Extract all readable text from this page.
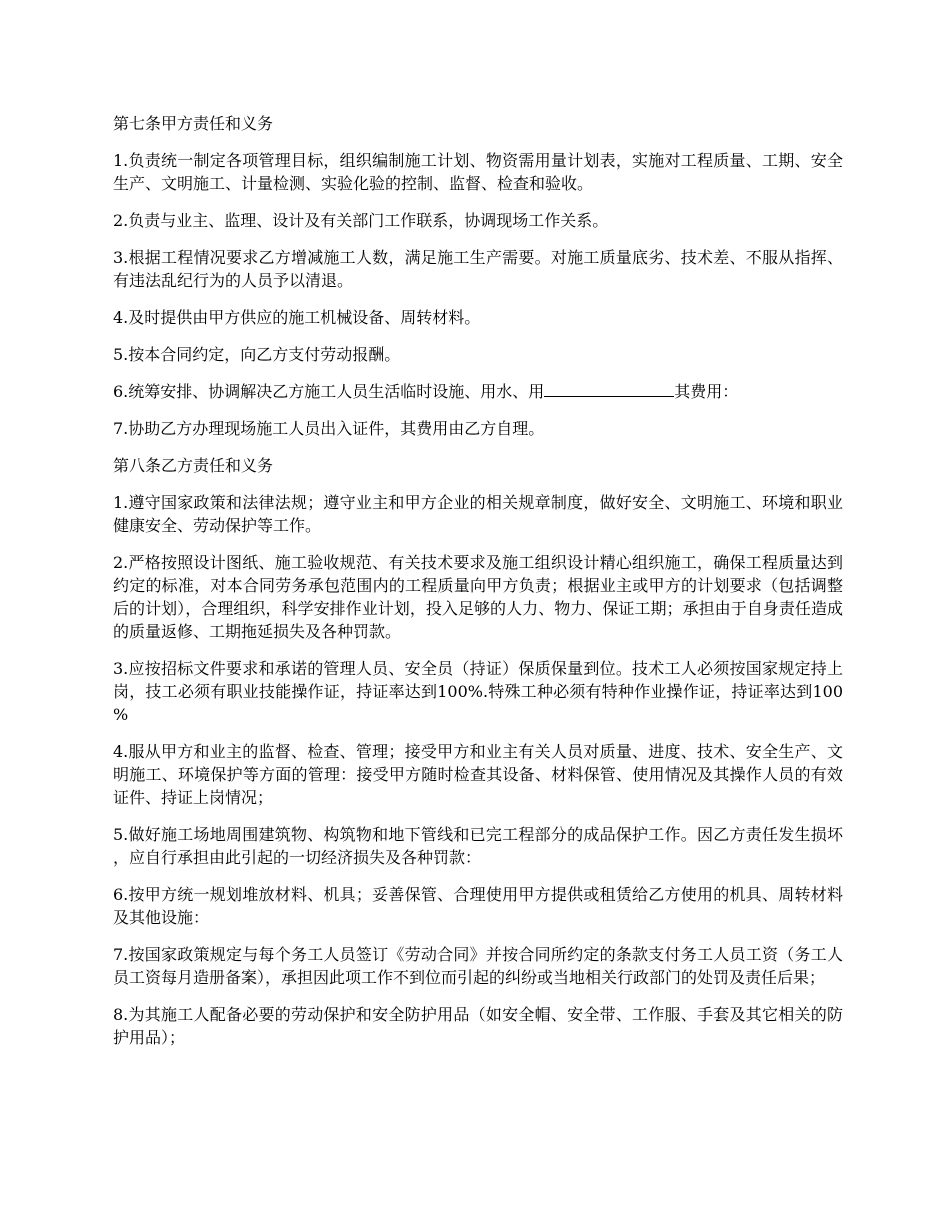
第七条甲方责任和义务

1.负责统一制定各项管理目标，组织编制施工计划、物资需用量计划表，实施对工程质量、工期、安全生产、文明施工、计量检测、实验化验的控制、监督、检查和验收。

2.负责与业主、监理、设计及有关部门工作联系，协调现场工作关系。

3.根据工程情况要求乙方增减施工人数，满足施工生产需要。对施工质量底劣、技术差、不服从指挥、有违法乱纪行为的人员予以清退。

4.及时提供由甲方供应的施工机械设备、周转材料。

5.按本合同约定，向乙方支付劳动报酬。

6.统筹安排、协调解决乙方施工人员生活临时设施、用水、用	其费用：

7.协助乙方办理现场施工人员出入证件，其费用由乙方自理。

第八条乙方责任和义务

1.遵守国家政策和法律法规；遵守业主和甲方企业的相关规章制度，做好安全、文明施工、环境和职业健康安全、劳动保护等工作。

2.严格按照设计图纸、施工验收规范、有关技术要求及施工组织设计精心组织施工，确保工程质量达到约定的标准，对本合同劳务承包范围内的工程质量向甲方负责；根据业主或甲方的计划要求（包括调整后的计划），合理组织，科学安排作业计划，投入足够的人力、物力、保证工期；承担由于自身责任造成的质量返修、工期拖延损失及各种罚款。

3.应按招标文件要求和承诺的管理人员、安全员（持证）保质保量到位。技术工人必须按国家规定持上岗，技工必须有职业技能操作证，持证率达到100%.特殊工种必须有特种作业操作证，持证率达到100%

4.服从甲方和业主的监督、检查、管理；接受甲方和业主有关人员对质量、进度、技术、安全生产、文明施工、环境保护等方面的管理：接受甲方随时检查其设备、材料保管、使用情况及其操作人员的有效证件、持证上岗情况；

5.做好施工场地周围建筑物、构筑物和地下管线和已完工程部分的成品保护工作。因乙方责任发生损坏，应自行承担由此引起的一切经济损失及各种罚款：

6.按甲方统一规划堆放材料、机具；妥善保管、合理使用甲方提供或租赁给乙方使用的机具、周转材料及其他设施：

7.按国家政策规定与每个务工人员签订《劳动合同》并按合同所约定的条款支付务工人员工资（务工人员工资每月造册备案），承担因此项工作不到位而引起的纠纷或当地相关行政部门的处罚及责任后果；

8.为其施工人配备必要的劳动保护和安全防护用品（如安全帽、安全带、工作服、手套及其它相关的防护用品）；
